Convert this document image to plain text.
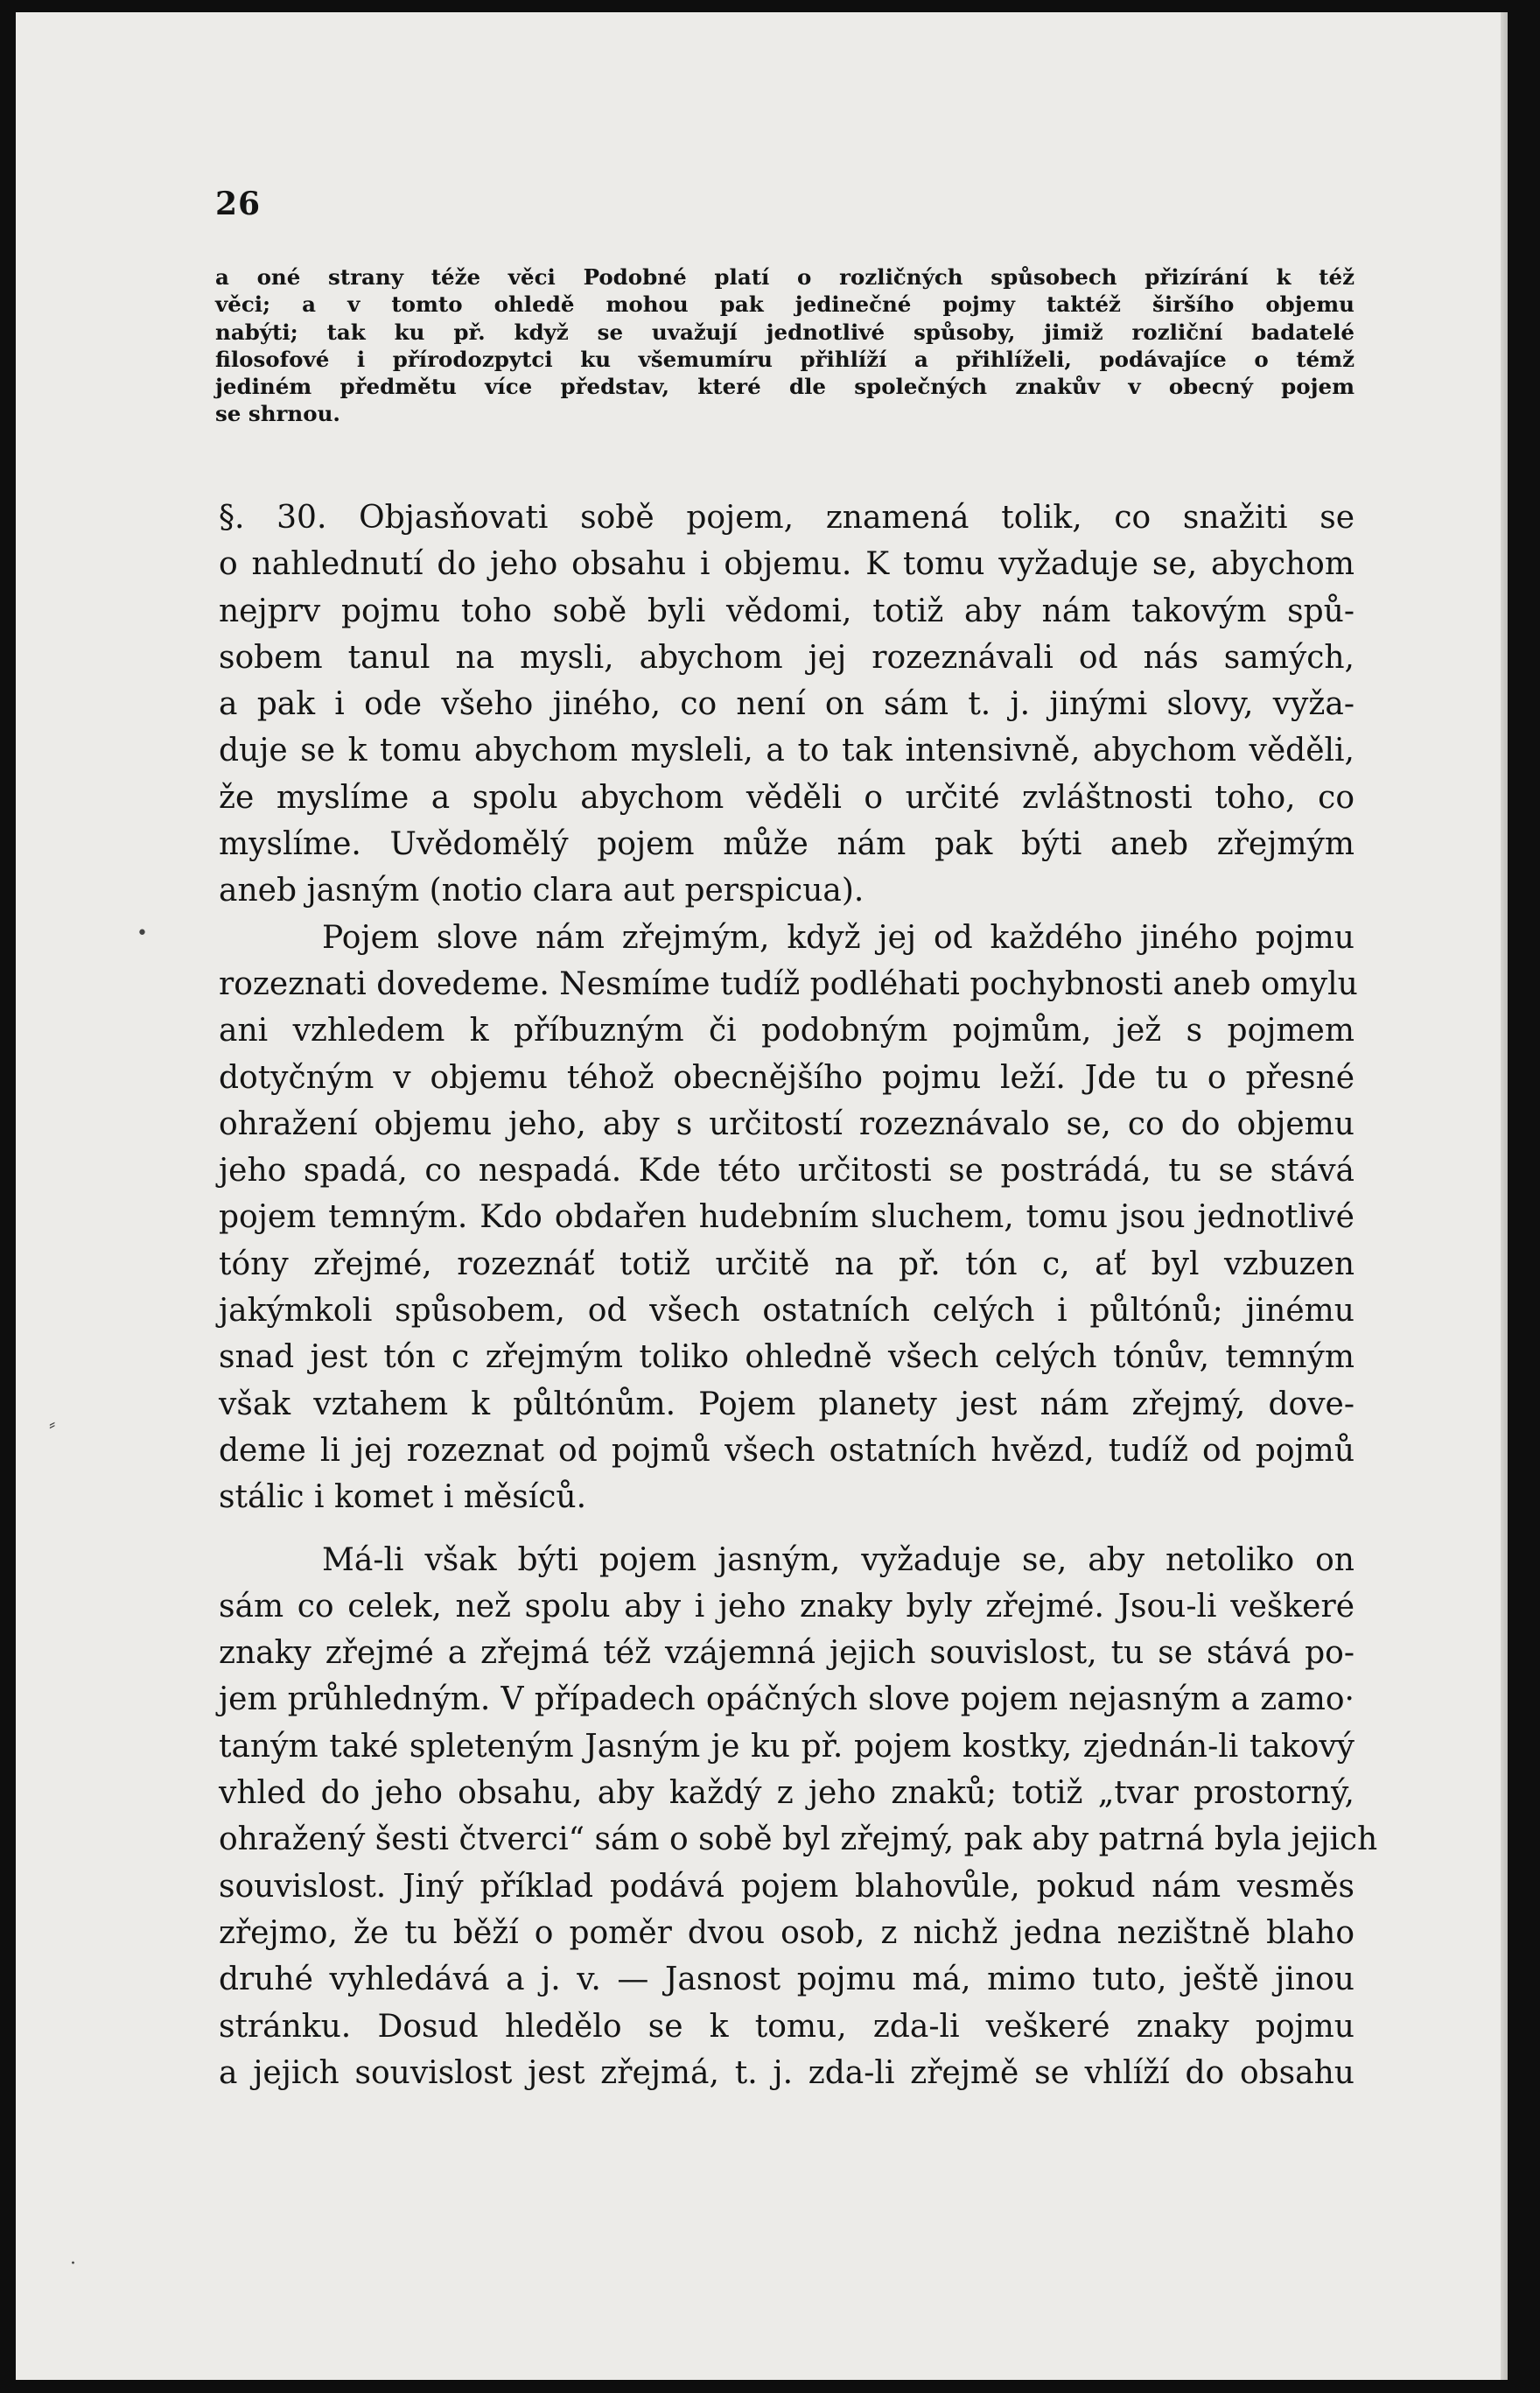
26
a oné strany téže věci Podobné platí o rozličných spůsobech přizírání k též
věci; a v tomto ohledě mohou pak jedinečné pojmy taktéž širšího objemu
nabýti; tak ku př. když se uvažují jednotlivé spůsoby, jimiž rozliční badatelé
filosofové i přírodozpytci ku všemumíru přihlíží a přihlíželi, podávajíce o témž
jediném předmětu více představ, které dle společných znakův v obecný pojem
se shrnou.
§. 30. Objasňovati sobě pojem, znamená tolik, co snažiti se
o nahlednutí do jeho obsahu i objemu. K tomu vyžaduje se, abychom
nejprv pojmu toho sobě byli vědomi, totiž aby nám takovým spů-
sobem tanul na mysli, abychom jej rozeznávali od nás samých,
a pak i ode všeho jiného, co není on sám t. j. jinými slovy, vyža-
duje se k tomu abychom mysleli, a to tak intensivně, abychom věděli,
že myslíme a spolu abychom věděli o určité zvláštnosti toho, co
myslíme. Uvědomělý pojem může nám pak býti aneb zřejmým
aneb jasným (notio clara aut perspicua).
Pojem slove nám zřejmým, když jej od každého jiného pojmu
rozeznati dovedeme. Nesmíme tudíž podléhati pochybnosti aneb omylu
ani vzhledem k příbuzným či podobným pojmům, jež s pojmem
dotyčným v objemu téhož obecnějšího pojmu leží. Jde tu o přesné
ohražení objemu jeho, aby s určitostí rozeznávalo se, co do objemu
jeho spadá, co nespadá. Kde této určitosti se postrádá, tu se stává
pojem temným. Kdo obdařen hudebním sluchem, tomu jsou jednotlivé
tóny zřejmé, rozeznáť totiž určitě na př. tón c, ať byl vzbuzen
jakýmkoli spůsobem, od všech ostatních celých i půltónů; jinému
snad jest tón c zřejmým toliko ohledně všech celých tónův, temným
však vztahem k půltónům. Pojem planety jest nám zřejmý, dove-
deme li jej rozeznat od pojmů všech ostatních hvězd, tudíž od pojmů
stálic i komet i měsíců.
Má-li však býti pojem jasným, vyžaduje se, aby netoliko on
sám co celek, než spolu aby i jeho znaky byly zřejmé. Jsou-li veškeré
znaky zřejmé a zřejmá též vzájemná jejich souvislost, tu se stává po-
jem průhledným. V případech opáčných slove pojem nejasným a zamo·
taným také spleteným Jasným je ku př. pojem kostky, zjednán-li takový
vhled do jeho obsahu, aby každý z jeho znaků; totiž „tvar prostorný,
ohražený šesti čtverci“ sám o sobě byl zřejmý, pak aby patrná byla jejich
souvislost. Jiný příklad podává pojem blahovůle, pokud nám vesměs
zřejmo, že tu běží o poměr dvou osob, z nichž jedna nezištně blaho
druhé vyhledává a j. v. — Jasnost pojmu má, mimo tuto, ještě jinou
stránku. Dosud hledělo se k tomu, zda-li veškeré znaky pojmu
a jejich souvislost jest zřejmá, t. j. zda-li zřejmě se vhlíží do obsahu
•
⸗
·
